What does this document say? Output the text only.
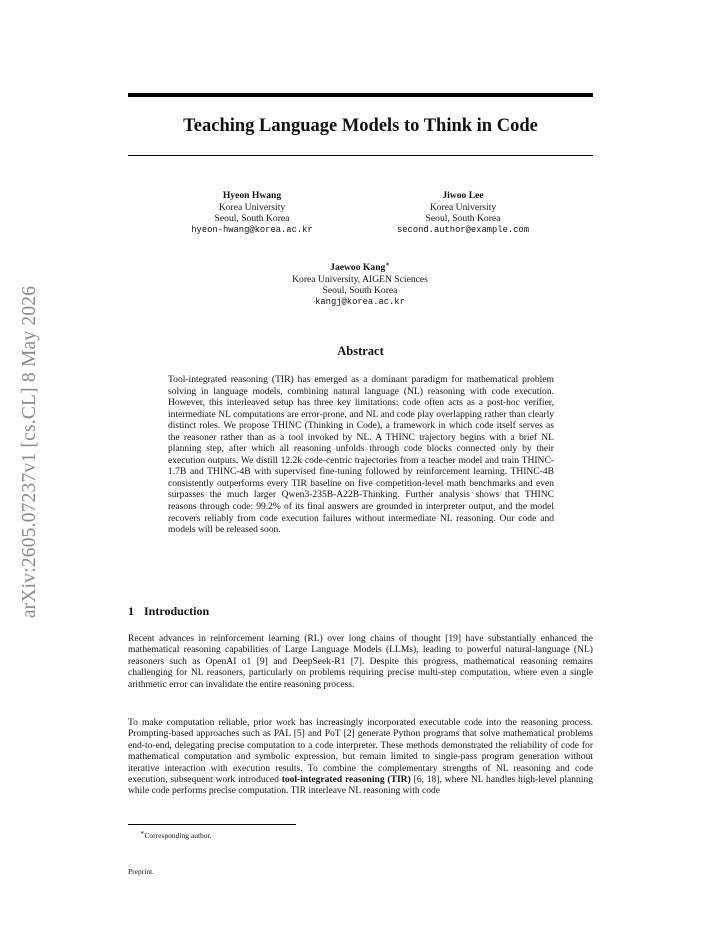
arXiv:2605.07237v1 [cs.CL] 8 May 2026
Teaching Language Models to Think in Code
Hyeon Hwang
Korea University
Seoul, South Korea
hyeon-hwang@korea.ac.kr
Jiwoo Lee
Korea University
Seoul, South Korea
second.author@example.com
Jaewoo Kang∗
Korea University, AIGEN Sciences
Seoul, South Korea
kangj@korea.ac.kr
Abstract
Tool-integrated reasoning (TIR) has emerged as a dominant paradigm for mathematical problem solving in language models, combining natural language (NL) reasoning with code execution. However, this interleaved setup has three key limitations: code often acts as a post-hoc verifier, intermediate NL computations are error-prone, and NL and code play overlapping rather than clearly distinct roles. We propose THINC (Thinking in Code), a framework in which code itself serves as the reasoner rather than as a tool invoked by NL. A THINC trajectory begins with a brief NL planning step, after which all reasoning unfolds through code blocks connected only by their execution outputs. We distill 12.2k code-centric trajectories from a teacher model and train THINC-1.7B and THINC-4B with supervised fine-tuning followed by reinforcement learning. THINC-4B consistently outperforms every TIR baseline on five competition-level math benchmarks and even surpasses the much larger Qwen3-235B-A22B-Thinking. Further analysis shows that THINC reasons through code: 99.2% of its final answers are grounded in interpreter output, and the model recovers reliably from code execution failures without intermediate NL reasoning. Our code and models will be released soon.
1 Introduction
Recent advances in reinforcement learning (RL) over long chains of thought [19] have substantially enhanced the mathematical reasoning capabilities of Large Language Models (LLMs), leading to powerful natural-language (NL) reasoners such as OpenAI o1 [9] and DeepSeek-R1 [7]. Despite this progress, mathematical reasoning remains challenging for NL reasoners, particularly on problems requiring precise multi-step computation, where even a single arithmetic error can invalidate the entire reasoning process.
To make computation reliable, prior work has increasingly incorporated executable code into the reasoning process. Prompting-based approaches such as PAL [5] and PoT [2] generate Python programs that solve mathematical problems end-to-end, delegating precise computation to a code interpreter. These methods demonstrated the reliability of code for mathematical computation and symbolic expression, but remain limited to single-pass program generation without iterative interaction with execution results. To combine the complementary strengths of NL reasoning and code execution, subsequent work introduced tool-integrated reasoning (TIR) [6, 18], where NL handles high-level planning while code performs precise computation. TIR interleave NL reasoning with code
∗Corresponding author.
Preprint.
